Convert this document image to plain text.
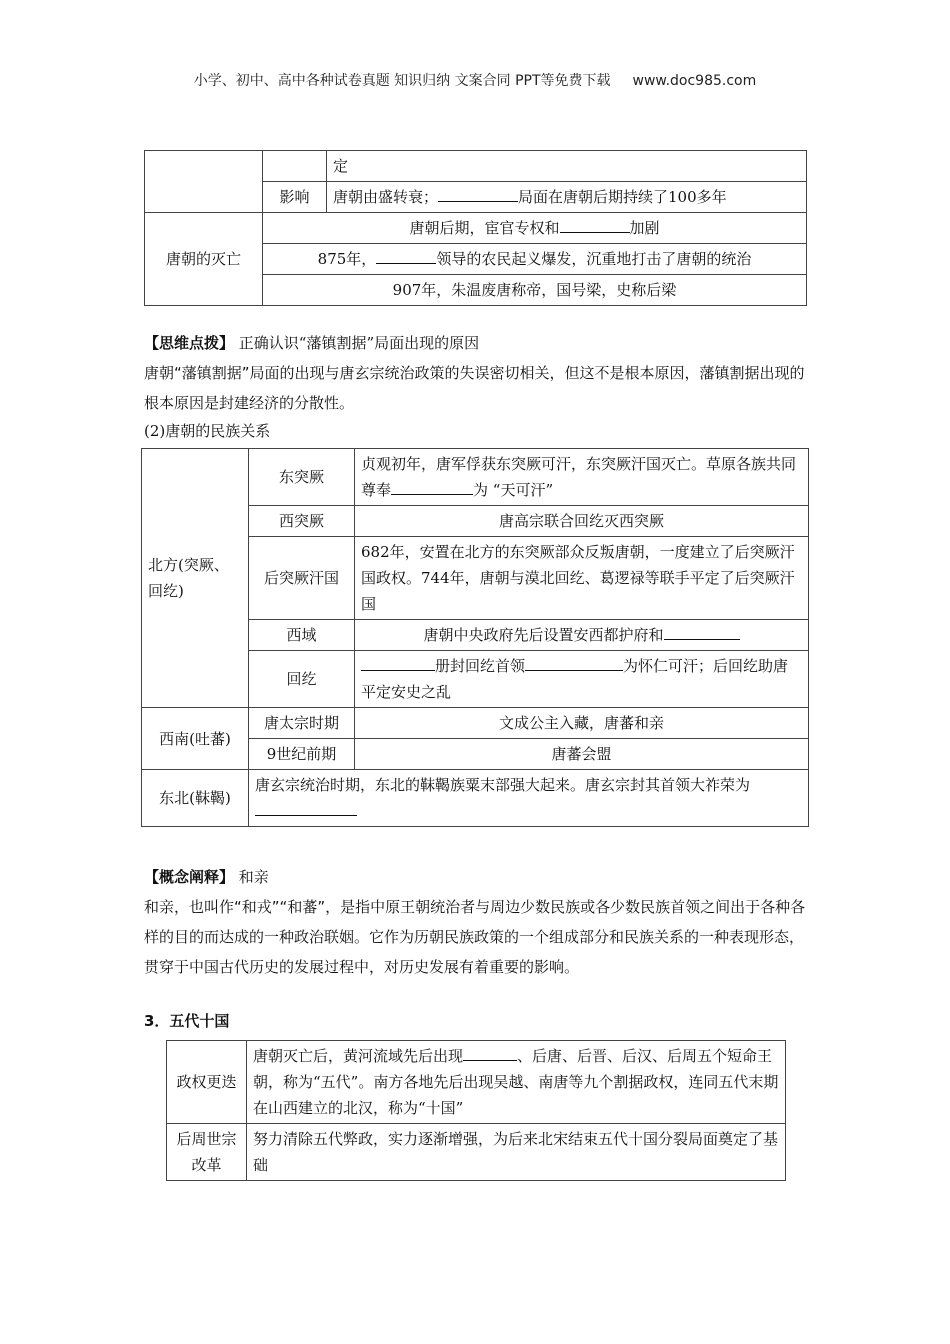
小学、初中、高中各种试卷真题 知识归纳 文案合同 PPT等免费下载 www.doc985.com
		定
	影响	唐朝由盛转衰； 局面在唐朝后期持续了100多年
唐朝的灭亡	唐朝后期，宦官专权和 加剧	
	875年， 领导的农民起义爆发，沉重地打击了唐朝的统治	
	907年，朱温废唐称帝，国号梁，史称后梁	
【思维点拨】 正确认识“藩镇割据”局面出现的原因
唐朝“藩镇割据”局面的出现与唐玄宗统治政策的失误密切相关，但这不是根本原因，藩镇割据出现的根本原因是封建经济的分散性。
(2)唐朝的民族关系
北方(突厥、回纥)	东突厥	贞观初年，唐军俘获东突厥可汗，东突厥汗国灭亡。草原各族共同尊奉 为 “天可汗”
	西突厥	唐高宗联合回纥灭西突厥
	后突厥汗国	682年，安置在北方的东突厥部众反叛唐朝，一度建立了后突厥汗国政权。744年，唐朝与漠北回纥、葛逻禄等联手平定了后突厥汗国
	西域	唐朝中央政府先后设置安西都护府和
	回纥	册封回纥首领 为怀仁可汗；后回纥助唐平定安史之乱
西南(吐蕃)	唐太宗时期	文成公主入藏，唐蕃和亲
	9世纪前期	唐蕃会盟
东北(靺鞨)	唐玄宗统治时期，东北的靺鞨族粟末部强大起来。唐玄宗封其首领大祚荣为	
【概念阐释】 和亲
和亲，也叫作“和戎”“和蕃”，是指中原王朝统治者与周边少数民族或各少数民族首领之间出于各种各样的目的而达成的一种政治联姻。它作为历朝民族政策的一个组成部分和民族关系的一种表现形态，贯穿于中国古代历史的发展过程中，对历史发展有着重要的影响。
3．五代十国
政权更迭	唐朝灭亡后，黄河流域先后出现 、后唐、后晋、后汉、后周五个短命王朝，称为“五代”。南方各地先后出现吴越、南唐等九个割据政权，连同五代末期在山西建立的北汉，称为“十国”
后周世宗改革	努力清除五代弊政，实力逐渐增强，为后来北宋结束五代十国分裂局面奠定了基础
